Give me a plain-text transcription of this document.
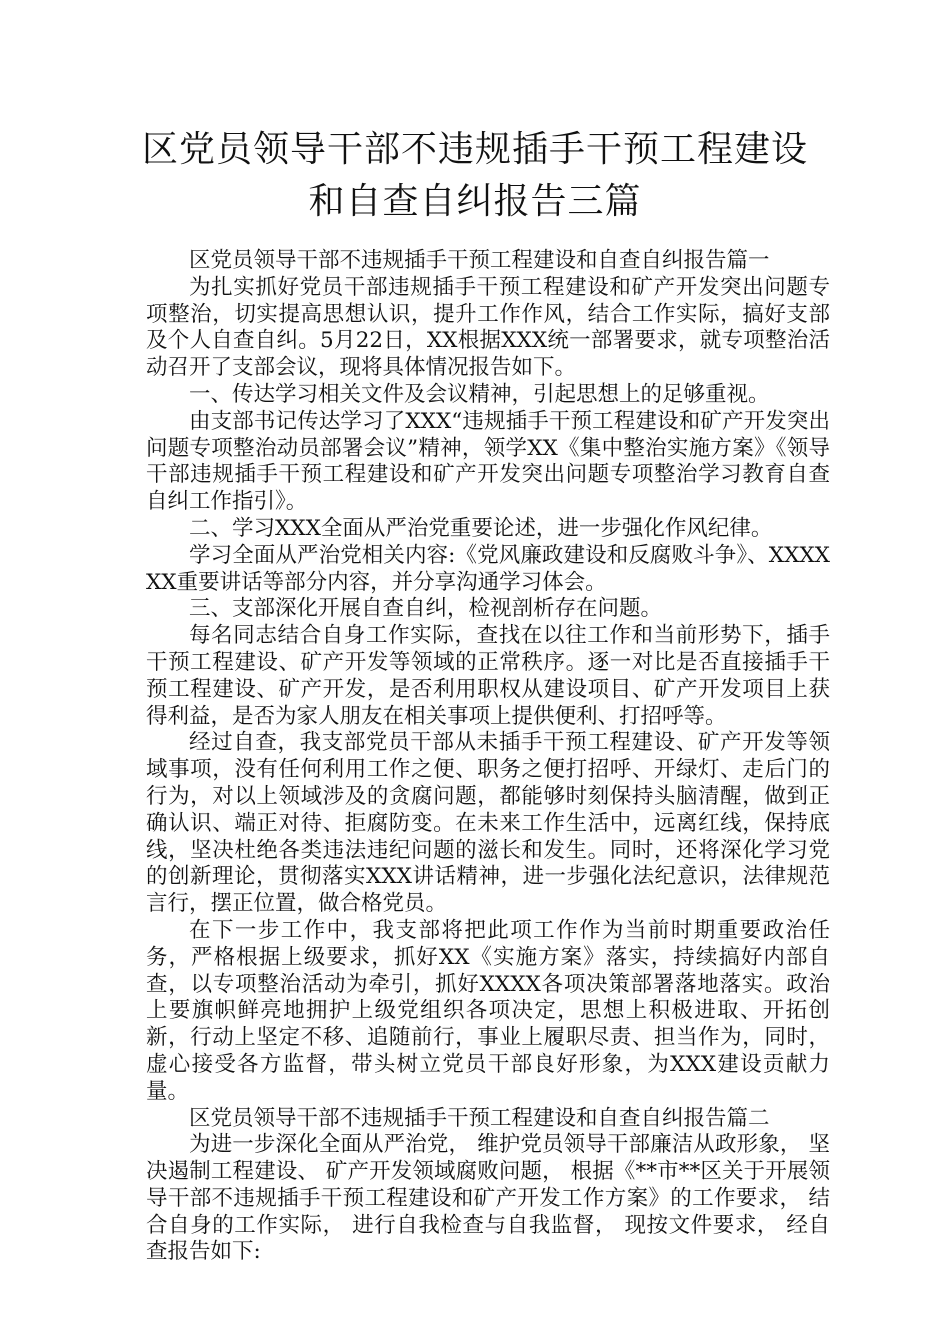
区党员领导干部不违规插手干预工程建设
和自查自纠报告三篇

区党员领导干部不违规插手干预工程建设和自查自纠报告篇一

为扎实抓好党员干部违规插手干预工程建设和矿产开发突出问题专项整治，切实提高思想认识，提升工作作风，结合工作实际，搞好支部及个人自查自纠。5月22日，XX根据XXX统一部署要求，就专项整治活动召开了支部会议，现将具体情况报告如下。

一、传达学习相关文件及会议精神，引起思想上的足够重视。

由支部书记传达学习了XXX“违规插手干预工程建设和矿产开发突出问题专项整治动员部署会议”精神，领学XX《集中整治实施方案》《领导干部违规插手干预工程建设和矿产开发突出问题专项整治学习教育自查自纠工作指引》。

二、学习XXX全面从严治党重要论述，进一步强化作风纪律。

学习全面从严治党相关内容:《党风廉政建设和反腐败斗争》、XXXXXX重要讲话等部分内容，并分享沟通学习体会。

三、支部深化开展自查自纠，检视剖析存在问题。

每名同志结合自身工作实际，查找在以往工作和当前形势下，插手干预工程建设、矿产开发等领域的正常秩序。逐一对比是否直接插手干预工程建设、矿产开发，是否利用职权从建设项目、矿产开发项目上获得利益，是否为家人朋友在相关事项上提供便利、打招呼等。

经过自查，我支部党员干部从未插手干预工程建设、矿产开发等领域事项，没有任何利用工作之便、职务之便打招呼、开绿灯、走后门的行为，对以上领域涉及的贪腐问题，都能够时刻保持头脑清醒，做到正确认识、端正对待、拒腐防变。在未来工作生活中，远离红线，保持底线，坚决杜绝各类违法违纪问题的滋长和发生。同时，还将深化学习党的创新理论，贯彻落实XXX讲话精神，进一步强化法纪意识，法律规范言行，摆正位置，做合格党员。

在下一步工作中，我支部将把此项工作作为当前时期重要政治任务，严格根据上级要求，抓好XX《实施方案》落实，持续搞好内部自查，以专项整治活动为牵引，抓好XXXX各项决策部署落地落实。政治上要旗帜鲜亮地拥护上级党组织各项决定，思想上积极进取、开拓创新，行动上坚定不移、追随前行，事业上履职尽责、担当作为，同时，虚心接受各方监督，带头树立党员干部良好形象，为XXX建设贡献力量。

区党员领导干部不违规插手干预工程建设和自查自纠报告篇二

为进一步深化全面从严治党， 维护党员领导干部廉洁从政形象， 坚决遏制工程建设、 矿产开发领域腐败问题， 根据《**市**区关于开展领导干部不违规插手干预工程建设和矿产开发工作方案》的工作要求， 结合自身的工作实际， 进行自我检查与自我监督， 现按文件要求， 经自查报告如下:
